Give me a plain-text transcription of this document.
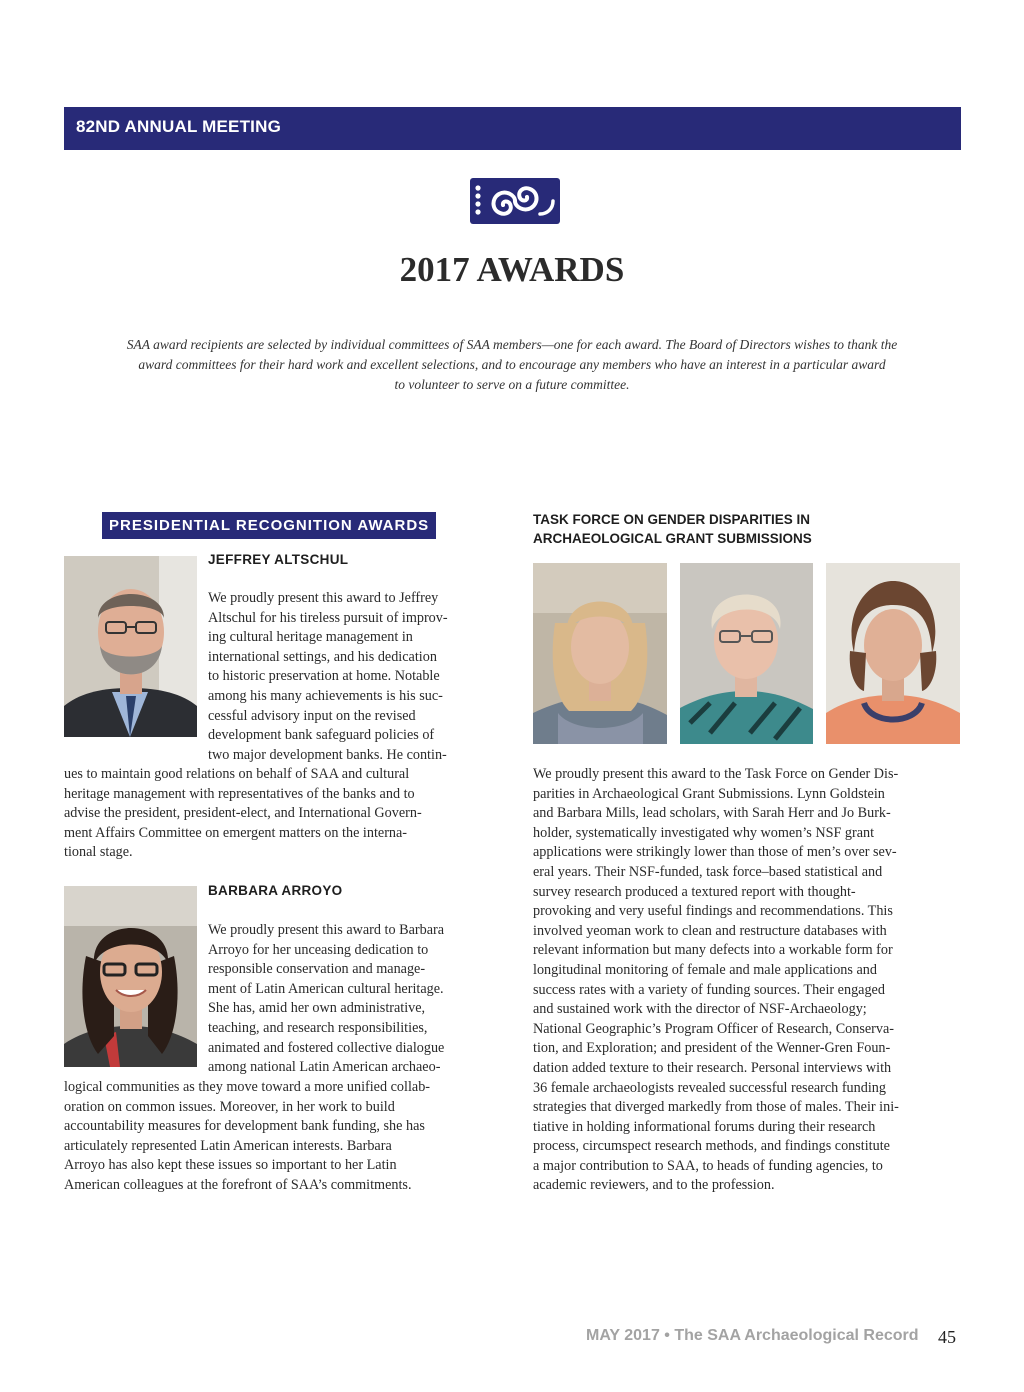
82ND ANNUAL MEETING
2017 AWARDS

SAA award recipients are selected by individual committees of SAA members—one for each award. The Board of Directors wishes to thank the
award committees for their hard work and excellent selections, and to encourage any members who have an interest in a particular award
to volunteer to serve on a future committee.

PRESIDENTIAL RECOGNITION AWARDS
JEFFREY ALTSCHUL

We proudly present this award to Jeffrey
Altschul for his tireless pursuit of improv-
ing cultural heritage management in
international settings, and his dedication
to historic preservation at home. Notable
among his many achievements is his suc-
cessful advisory input on the revised
development bank safeguard policies of
two major development banks. He contin-

ues to maintain good relations on behalf of SAA and cultural
heritage management with representatives of the banks and to
advise the president, president-elect, and International Govern-
ment Affairs Committee on emergent matters on the interna-
tional stage.

BARBARA ARROYO

We proudly present this award to Barbara
Arroyo for her unceasing dedication to
responsible conservation and manage-
ment of Latin American cultural heritage.
She has, amid her own administrative,
teaching, and research responsibilities,
animated and fostered collective dialogue
among national Latin American archaeo-

logical communities as they move toward a more unified collab-
oration on common issues. Moreover, in her work to build
accountability measures for development bank funding, she has
articulately represented Latin American interests. Barbara
Arroyo has also kept these issues so important to her Latin
American colleagues at the forefront of SAA’s commitments.

TASK FORCE ON GENDER DISPARITIES IN
ARCHAEOLOGICAL GRANT SUBMISSIONS

We proudly present this award to the Task Force on Gender Dis-
parities in Archaeological Grant Submissions. Lynn Goldstein
and Barbara Mills, lead scholars, with Sarah Herr and Jo Burk-
holder, systematically investigated why women’s NSF grant
applications were strikingly lower than those of men’s over sev-
eral years. Their NSF-funded, task force–based statistical and
survey research produced a textured report with thought-
provoking and very useful findings and recommendations. This
involved yeoman work to clean and restructure databases with
relevant information but many defects into a workable form for
longitudinal monitoring of female and male applications and
success rates with a variety of funding sources. Their engaged
and sustained work with the director of NSF-Archaeology;
National Geographic’s Program Officer of Research, Conserva-
tion, and Exploration; and president of the Wenner-Gren Foun-
dation added texture to their research. Personal interviews with
36 female archaeologists revealed successful research funding
strategies that diverged markedly from those of males. Their ini-
tiative in holding informational forums during their research
process, circumspect research methods, and findings constitute
a major contribution to SAA, to heads of funding agencies, to
academic reviewers, and to the profession.

MAY 2017 • The SAA Archaeological Record 45
